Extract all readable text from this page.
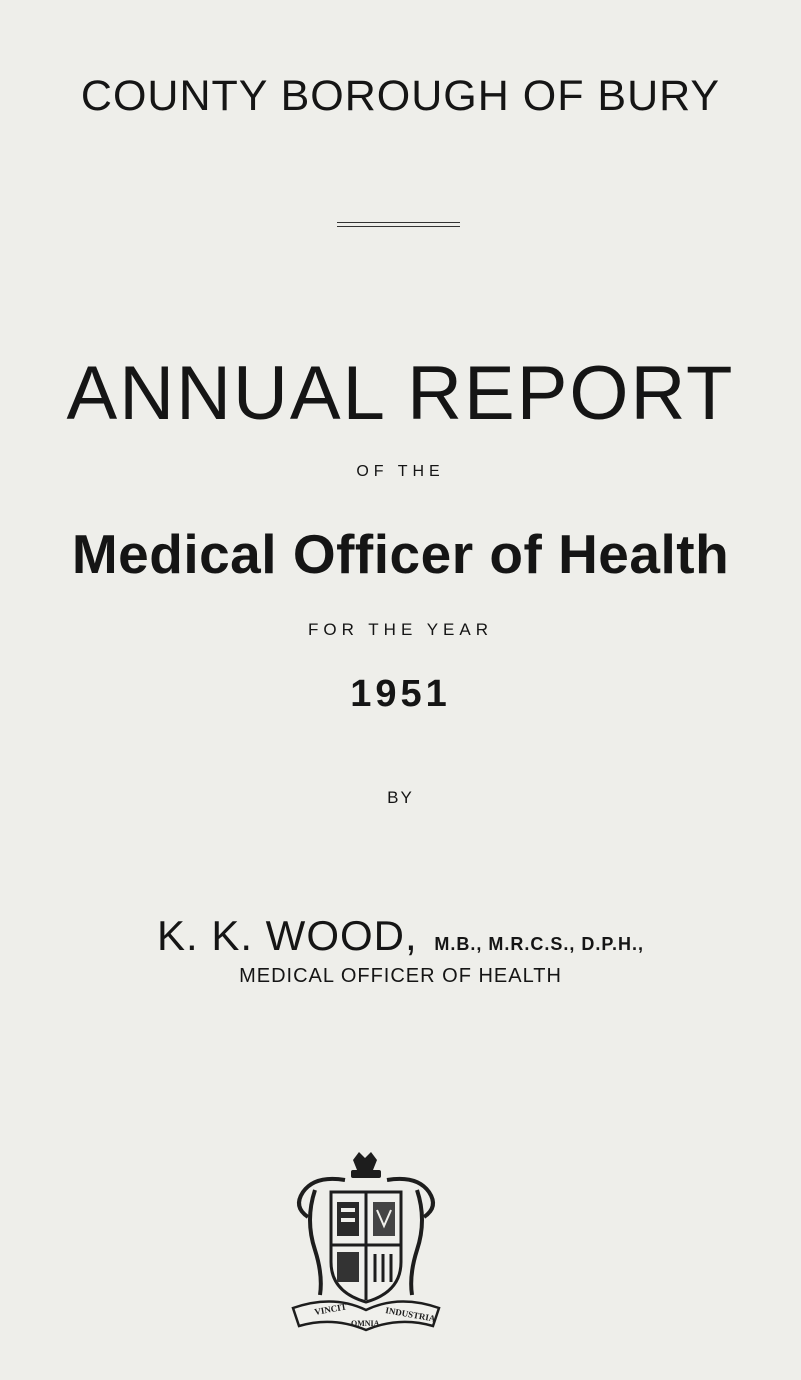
COUNTY BOROUGH OF BURY
ANNUAL REPORT
OF THE
Medical Officer of Health
FOR THE YEAR
1951
BY
K. K. WOOD, M.B., M.R.C.S., D.P.H.,
MEDICAL OFFICER OF HEALTH
VINCIT
OMNIA INDUSTRIA
